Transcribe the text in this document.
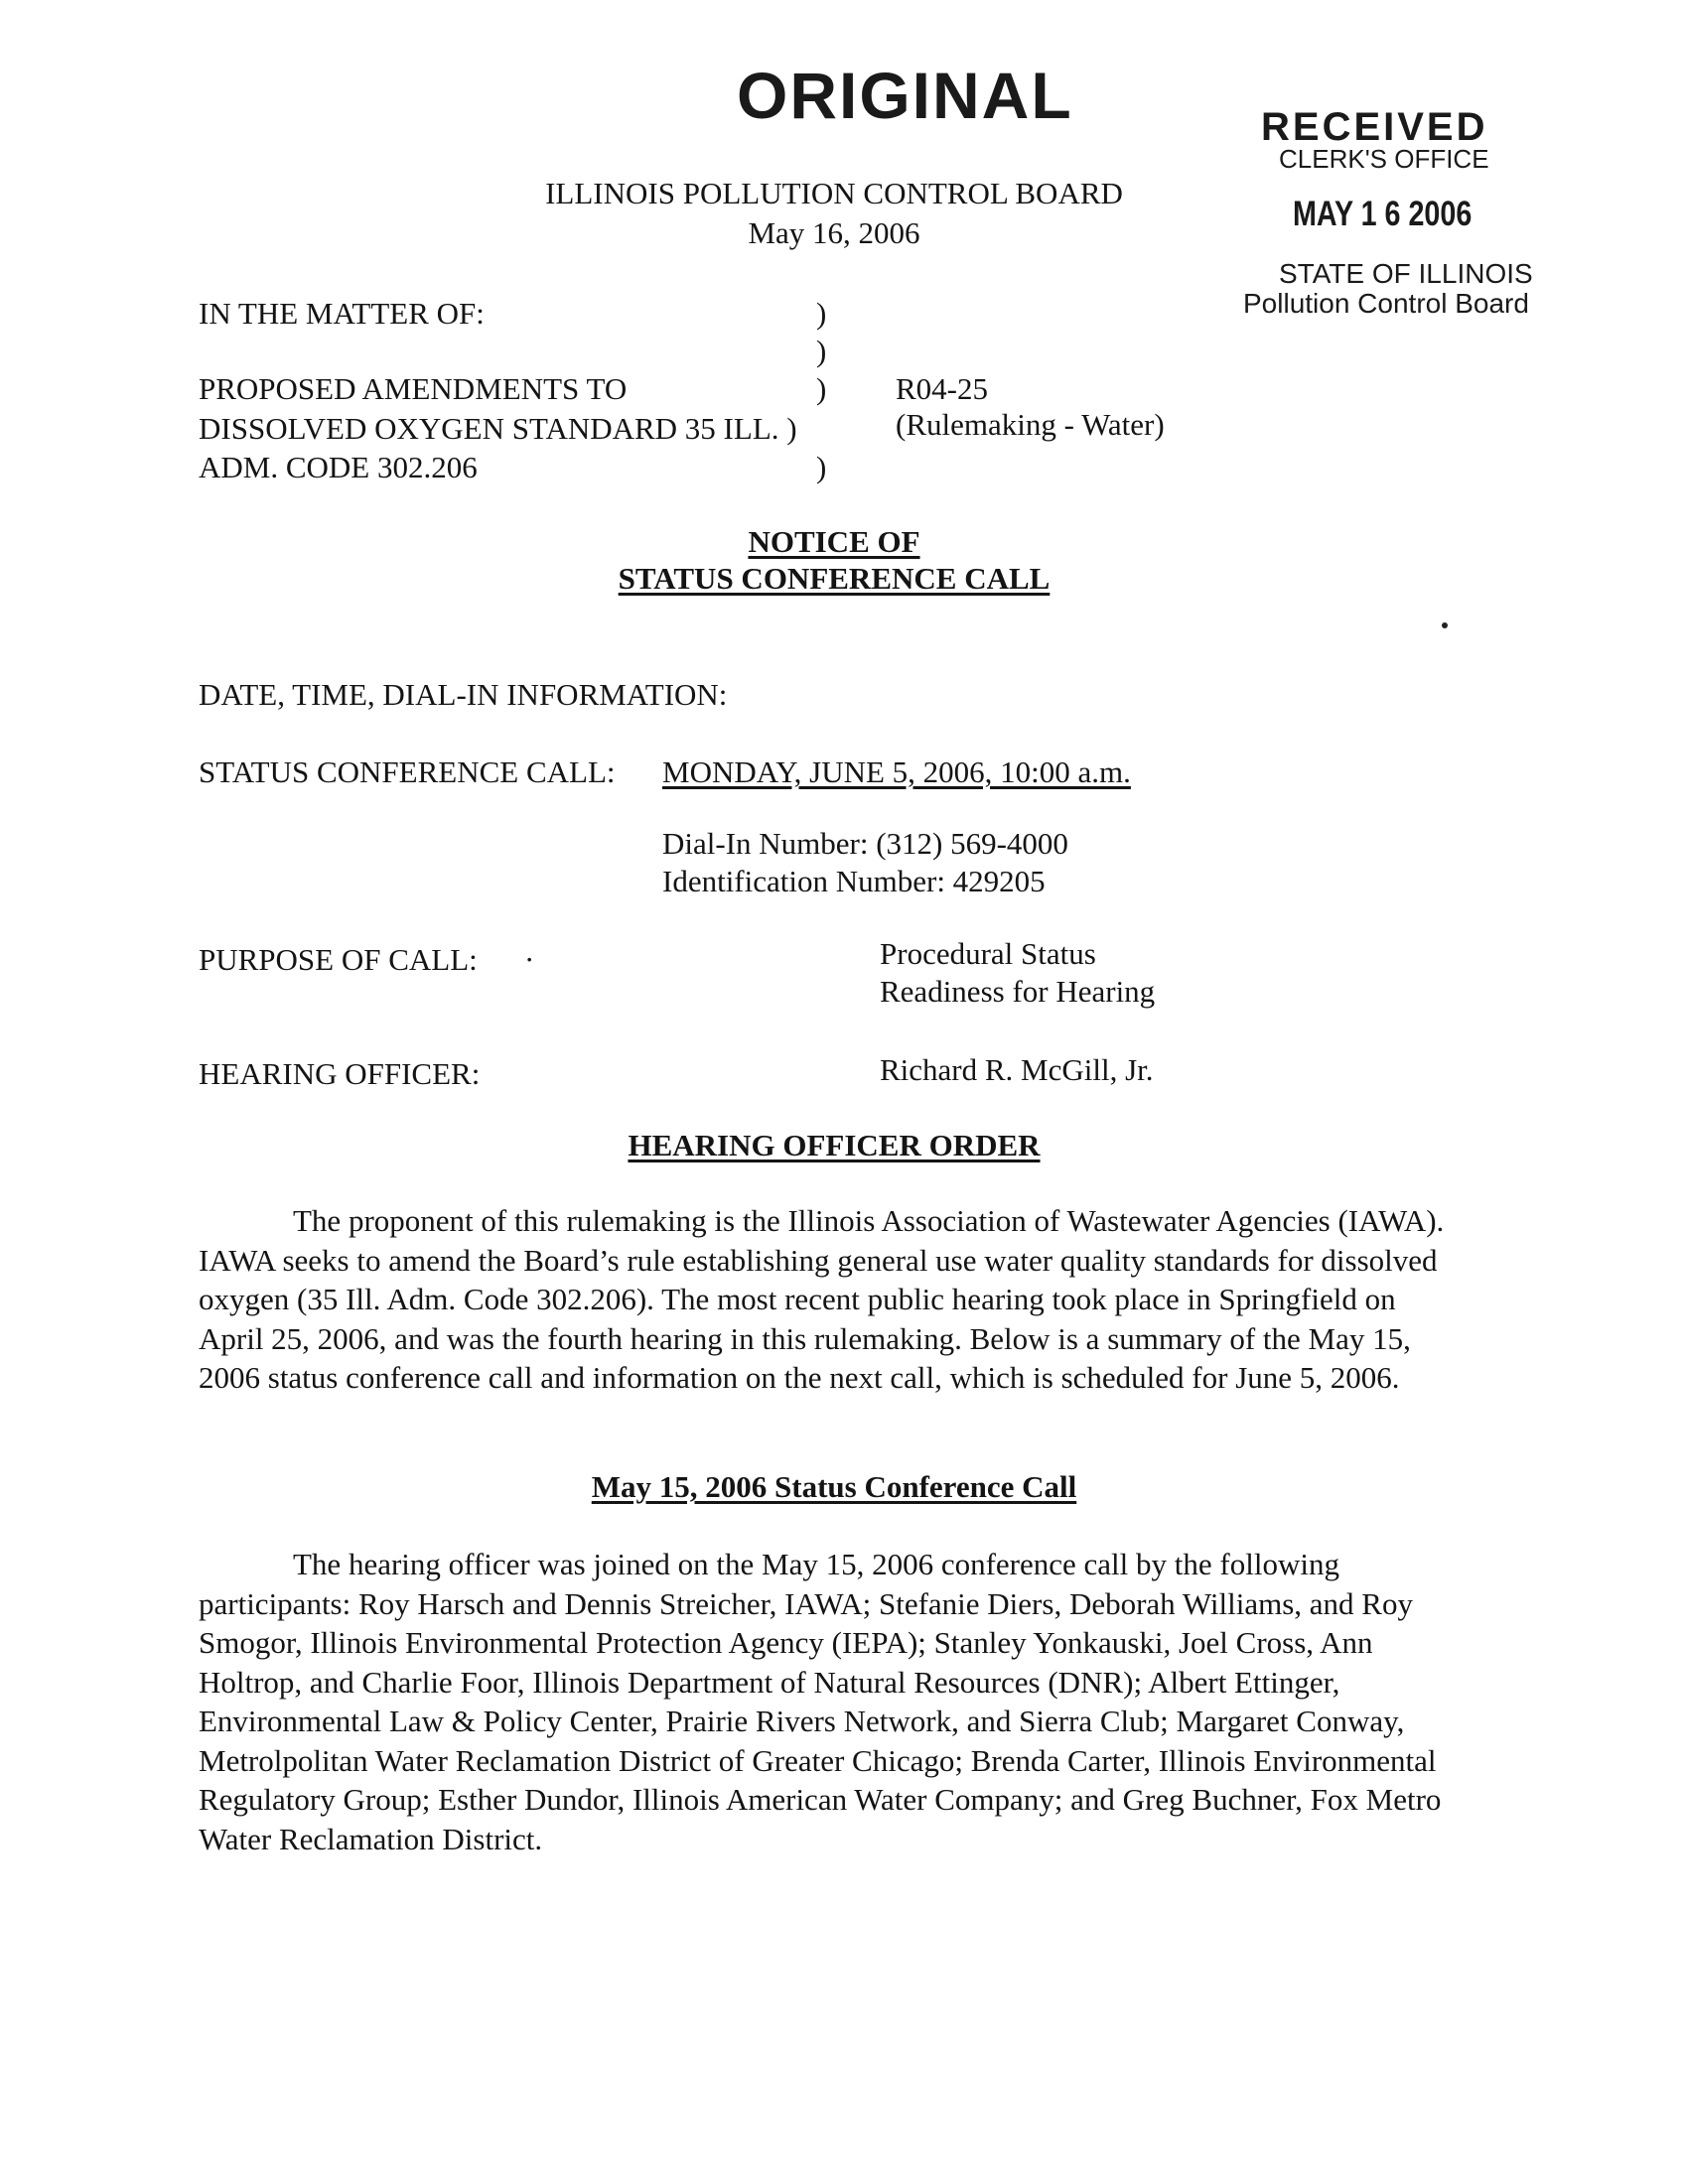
ORIGINAL	RECEIVED
CLERK'S OFFICE
MAY 1 6 2006
STATE OF ILLINOIS
Pollution Control Board
ILLINOIS POLLUTION CONTROL BOARD
May 16, 2006
IN THE MATTER OF:	)
)
PROPOSED AMENDMENTS TO	)
DISSOLVED OXYGEN STANDARD 35 ILL. )
ADM. CODE 302.206	)
R04-25
(Rulemaking - Water)
NOTICE OF
STATUS CONFERENCE CALL
DATE, TIME, DIAL-IN INFORMATION:
STATUS CONFERENCE CALL: MONDAY, JUNE 5, 2006, 10:00 a.m.
Dial-In Number: (312) 569-4000
Identification Number: 429205
PURPOSE OF CALL: ·	Procedural Status
Readiness for Hearing
HEARING OFFICER:	Richard R. McGill, Jr.
HEARING OFFICER ORDER
The proponent of this rulemaking is the Illinois Association of Wastewater Agencies (IAWA). IAWA seeks to amend the Board’s rule establishing general use water quality standards for dissolved oxygen (35 Ill. Adm. Code 302.206). The most recent public hearing took place in Springfield on April 25, 2006, and was the fourth hearing in this rulemaking. Below is a summary of the May 15, 2006 status conference call and information on the next call, which is scheduled for June 5, 2006.
May 15, 2006 Status Conference Call
The hearing officer was joined on the May 15, 2006 conference call by the following participants: Roy Harsch and Dennis Streicher, IAWA; Stefanie Diers, Deborah Williams, and Roy Smogor, Illinois Environmental Protection Agency (IEPA); Stanley Yonkauski, Joel Cross, Ann Holtrop, and Charlie Foor, Illinois Department of Natural Resources (DNR); Albert Ettinger, Environmental Law & Policy Center, Prairie Rivers Network, and Sierra Club; Margaret Conway, Metrolpolitan Water Reclamation District of Greater Chicago; Brenda Carter, Illinois Environmental Regulatory Group; Esther Dundor, Illinois American Water Company; and Greg Buchner, Fox Metro Water Reclamation District.
